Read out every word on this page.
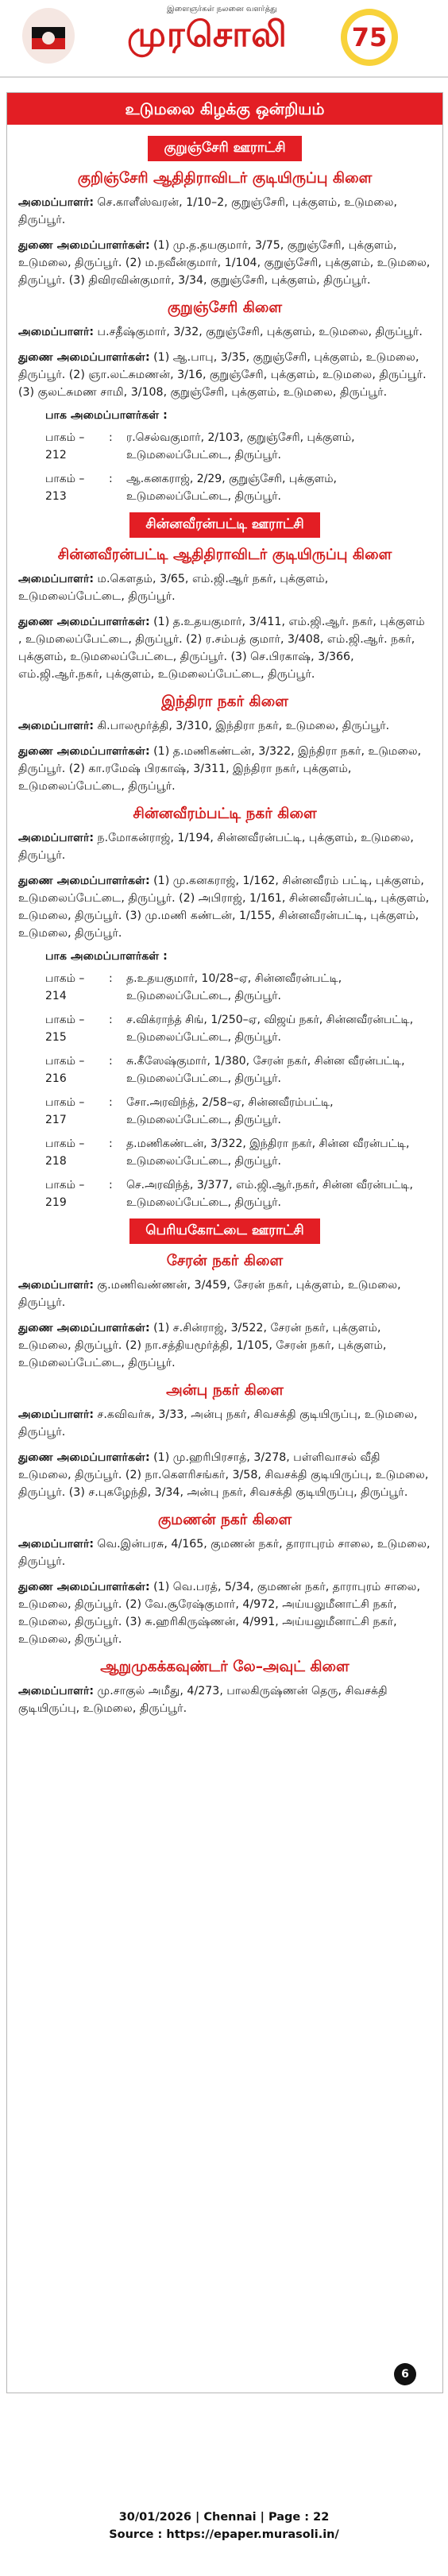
இளைஞர்கள் நலனை வளர்த்து
முரசொலி	75
உடுமலை கிழக்கு ஒன்றியம்
குறுஞ்சேரி ஊராட்சி
குறிஞ்சேரி ஆதிதிராவிடர் குடியிருப்பு கிளை
அமைப்பாளர்: செ.காளீஸ்வரன், 1/10–2, குறுஞ்சேரி, புக்குளம், உடுமலை, திருப்பூர்.
துணை அமைப்பாளர்கள்: (1) மு.த.தயகுமார், 3/75, குறுஞ்சேரி, புக்குளம், உடுமலை, திருப்பூர். (2) ம.நவீன்குமார், 1/104, குறுஞ்சேரி, புக்குளம், உடுமலை, திருப்பூர். (3) திவிரவின்குமார், 3/34, குறுஞ்சேரி, புக்குளம், திருப்பூர்.
குறுஞ்சேரி கிளை
அமைப்பாளர்: ப.சதீஷ்குமார், 3/32, குறுஞ்சேரி, புக்குளம், உடுமலை, திருப்பூர்.
துணை அமைப்பாளர்கள்: (1) ஆ.பாபு, 3/35, குறுஞ்சேரி, புக்குளம், உடுமலை, திருப்பூர். (2) ஞா.லட்சுமணன், 3/16, குறுஞ்சேரி, புக்குளம், உடுமலை, திருப்பூர். (3) குலட்சுமண சாமி, 3/108, குறுஞ்சேரி, புக்குளம், உடுமலை, திருப்பூர்.
பாக அமைப்பாளர்கள் :
பாகம் – 212
:	ர.செல்வகுமார், 2/103, குறுஞ்சேரி, புக்குளம், உடுமலைப்பேட்டை, திருப்பூர்.
பாகம் – 213
:	ஆ.கனகராஜ், 2/29, குறுஞ்சேரி, புக்குளம், உடுமலைப்பேட்டை, திருப்பூர்.
சின்னவீரன்பட்டி ஊராட்சி
சின்னவீரன்பட்டி ஆதிதிராவிடர் குடியிருப்பு கிளை
அமைப்பாளர்: ம.கௌதம், 3/65, எம்.ஜி.ஆர் நகர், புக்குளம், உடுமலைப்பேட்டை, திருப்பூர்.
துணை அமைப்பாளர்கள்: (1) த.உதயகுமார், 3/411, எம்.ஜி.ஆர். நகர், புக்குளம் , உடுமலைப்பேட்டை, திருப்பூர். (2) ர.சம்பத் குமார், 3/408, எம்.ஜி.ஆர். நகர், புக்குளம், உடுமலைப்பேட்டை, திருப்பூர். (3) செ.பிரகாஷ், 3/366, எம்.ஜி.ஆர்.நகர், புக்குளம், உடுமலைப்பேட்டை, திருப்பூர்.
இந்திரா நகர் கிளை
அமைப்பாளர்: கி.பாலமூர்த்தி, 3/310, இந்திரா நகர், உடுமலை, திருப்பூர்.
துணை அமைப்பாளர்கள்: (1) த.மணிகண்டன், 3/322, இந்திரா நகர், உடுமலை, திருப்பூர். (2) கா.ரமேஷ் பிரகாஷ், 3/311, இந்திரா நகர், புக்குளம், உடுமலைப்பேட்டை, திருப்பூர்.
சின்னவீரம்பட்டி நகர் கிளை
அமைப்பாளர்: ந.மோகன்ராஜ், 1/194, சின்னவீரன்பட்டி, புக்குளம், உடுமலை, திருப்பூர்.
துணை அமைப்பாளர்கள்: (1) மு.கனகராஜ், 1/162, சின்னவீரம் பட்டி, புக்குளம், உடுமலைப்பேட்டை, திருப்பூர். (2) அபிராஜ், 1/161, சின்னவீரன்பட்டி, புக்குளம், உடுமலை, திருப்பூர். (3) மு.மணி கண்டன், 1/155, சின்னவீரன்பட்டி, புக்குளம், உடுமலை, திருப்பூர்.
பாக அமைப்பாளர்கள் :
பாகம் – 214
:	த.உதயகுமார், 10/28–ஏ, சின்னவீரன்பட்டி, உடுமலைப்பேட்டை, திருப்பூர்.
பாகம் – 215
:	ச.விக்ராந்த் சிங், 1/250–ஏ, விஜய் நகர், சின்னவீரன்பட்டி, உடுமலைப்பேட்டை, திருப்பூர்.
பாகம் – 216
:	சு.கீஸேஷ்குமார், 1/380, சேரன் நகர், சின்ன வீரன்பட்டி, உடுமலைப்பேட்டை, திருப்பூர்.
பாகம் – 217
:	சோ.அரவிந்த், 2/58–ஏ, சின்னவீரம்பட்டி, உடுமலைப்பேட்டை, திருப்பூர்.
பாகம் – 218
:	த.மணிகண்டன், 3/322, இந்திரா நகர், சின்ன வீரன்பட்டி, உடுமலைப்பேட்டை, திருப்பூர்.
பாகம் – 219
:	செ.அரவிந்த், 3/377, எம்.ஜி.ஆர்.நகர், சின்ன வீரன்பட்டி, உடுமலைப்பேட்டை, திருப்பூர்.
பெரியகோட்டை ஊராட்சி
சேரன் நகர் கிளை
அமைப்பாளர்: கு.மணிவண்ணன், 3/459, சேரன் நகர், புக்குளம், உடுமலை, திருப்பூர்.
துணை அமைப்பாளர்கள்: (1) ச.சின்ராஜ், 3/522, சேரன் நகர், புக்குளம், உடுமலை, திருப்பூர். (2) நா.சத்தியமூர்த்தி, 1/105, சேரன் நகர், புக்குளம், உடுமலைப்பேட்டை, திருப்பூர்.
அன்பு நகர் கிளை
அமைப்பாளர்: ச.கவிவர்சு, 3/33, அன்பு நகர், சிவசக்தி குடியிருப்பு, உடுமலை, திருப்பூர்.
துணை அமைப்பாளர்கள்: (1) மு.ஹரிபிரசாத், 3/278, பள்ளிவாசல் வீதி உடுமலை, திருப்பூர். (2) நா.கௌரிசங்கர், 3/58, சிவசக்தி குடியிருப்பு, உடுமலை, திருப்பூர். (3) ச.புகழேந்தி, 3/34, அன்பு நகர், சிவசக்தி குடியிருப்பு, திருப்பூர்.
குமணன் நகர் கிளை
அமைப்பாளர்: வெ.இன்பரசு, 4/165, குமணன் நகர், தாராபுரம் சாலை, உடுமலை, திருப்பூர்.
துணை அமைப்பாளர்கள்: (1) வெ.பரத், 5/34, குமணன் நகர், தாராபுரம் சாலை, உடுமலை, திருப்பூர். (2) வே.சூரேஷ்குமார், 4/972, அய்யலுமீனாட்சி நகர், உடுமலை, திருப்பூர். (3) சு.ஹரிகிருஷ்ணன், 4/991, அய்யலுமீனாட்சி நகர், உடுமலை, திருப்பூர்.
ஆறுமுகக்கவுண்டர் லே–அவுட் கிளை
அமைப்பாளர்: மு.சாகுல் அமீது, 4/273, பாலகிருஷ்ணன் தெரு, சிவசக்தி குடியிருப்பு, உடுமலை, திருப்பூர்.
6
30/01/2026 | Chennai | Page : 22
Source : https://epaper.murasoli.in/
